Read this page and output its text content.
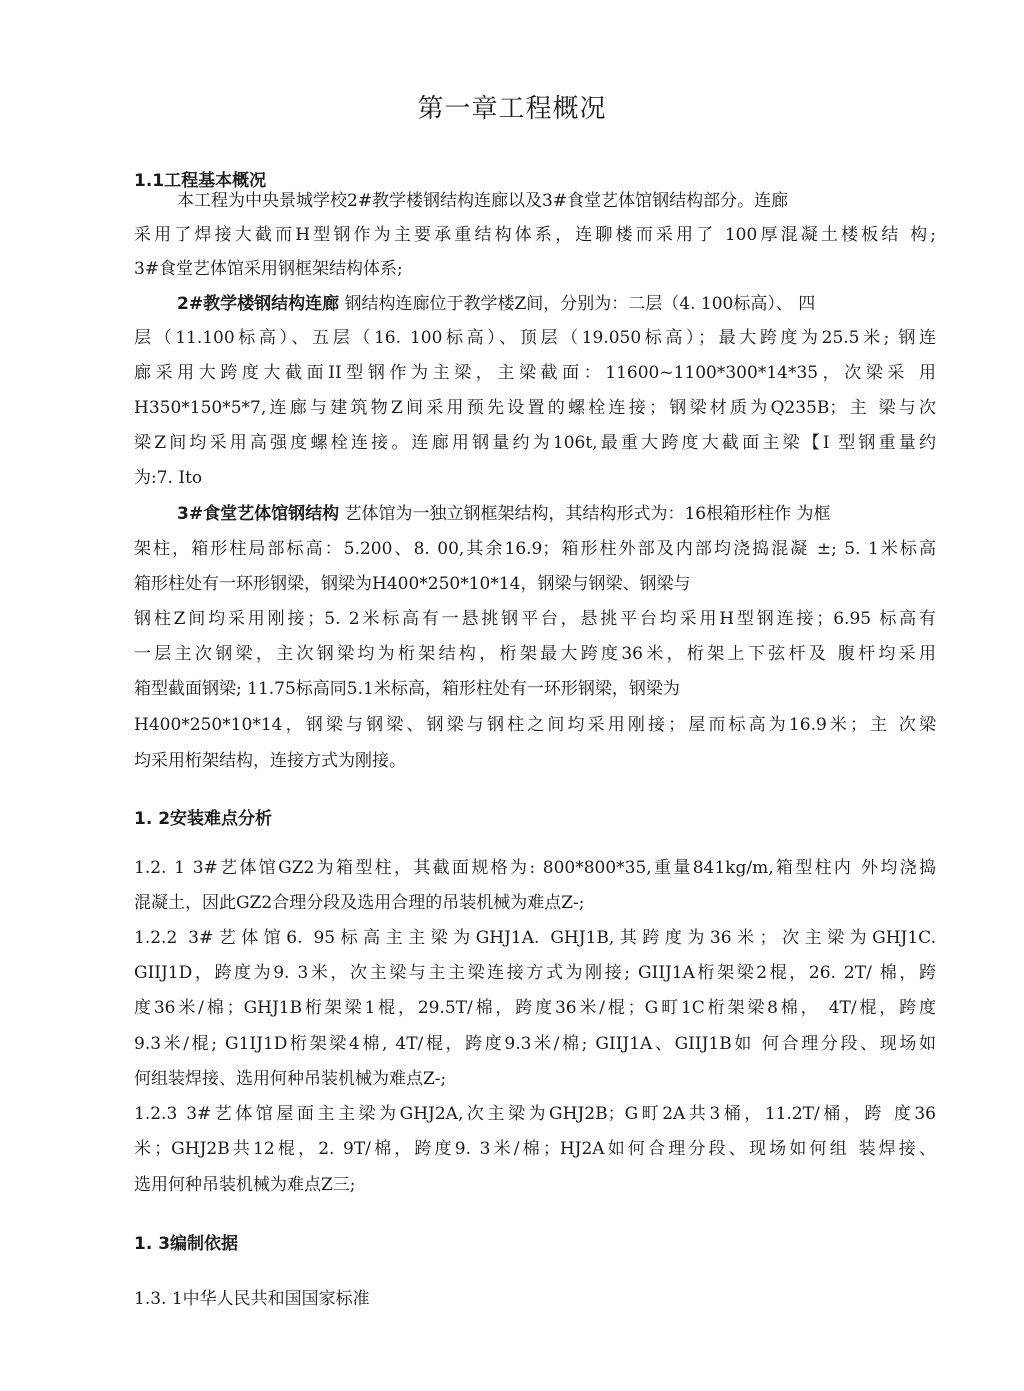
第一章工程概况
1.1工程基本概况
本工程为中央景城学校2#教学楼钢结构连廊以及3#食堂艺体馆钢结构部分。连廊
采用了焊接大截而H型钢作为主要承重结构体系，连聊楼而采用了 100厚混凝土楼板结 构;
3#食堂艺体馆采用钢框架结构体系;
2#教学楼钢结构连廊 钢结构连廊位于教学楼Z间，分别为：二层（4. 100标高）、 四
层（11.100标高）、五层（16. 100标高）、顶层（19.050标高）；最大跨度为25.5米; 钢连
廊采用大跨度大截面II型钢作为主梁，主梁截面：11600~1100*300*14*35，次梁采 用
H350*150*5*7,连廊与建筑物Z间采用预先设置的螺栓连接；钢梁材质为Q235B；主 梁与次
梁Z间均采用高强度螺栓连接。连廊用钢量约为106t,最重大跨度大截面主梁【I 型钢重量约
为:7. Ito
3#食堂艺体馆钢结构 艺体馆为一独立钢框架结构，其结构形式为：16根箱形柱作 为框
架柱，箱形柱局部标高：5.200、8. 00,其余16.9；箱形柱外部及内部均浇捣混凝 ±; 5. 1米标高
箱形柱处有一环形钢梁，钢梁为H400*250*10*14，钢梁与钢梁、钢梁与
钢柱Z间均采用刚接；5. 2米标高有一悬挑钢平台，悬挑平台均采用H型钢连接；6.95 标高有
一层主次钢梁，主次钢梁均为桁架结构，桁架最大跨度36米，桁架上下弦杆及 腹杆均采用
箱型截面钢梁; 11.75标高同5.1米标高，箱形柱处有一环形钢梁，钢梁为
H400*250*10*14，钢梁与钢梁、钢梁与钢柱之间均采用刚接；屋而标高为16.9米；主 次梁
均采用桁架结构，连接方式为刚接。
1. 2安装难点分析
1.2. 1 3#艺体馆GZ2为箱型柱，其截面规格为: 800*800*35,重量841kg/m,箱型柱内 外均浇捣
混凝土，因此GZ2合理分段及选用合理的吊装机械为难点Z-;
1.2.2 3#艺体馆6. 95标高主主梁为GHJ1A. GHJ1B,其跨度为36米；次主梁为GHJ1C.
GIIJ1D，跨度为9. 3米，次主梁与主主梁连接方式为刚接; GIIJ1A桁架梁2棍，26. 2T/ 棉，跨
度36米/棉；GHJ1B桁架梁1棍，29.5T/棉，跨度36米/棍；G町1C桁架梁8棉， 4T/棍，跨度
9.3米/棍; G1IJ1D桁架梁4棉, 4T/棍，跨度9.3米/棉; GIIJ1A、GIIJ1B如 何合理分段、现场如
何组装焊接、选用何种吊装机械为难点Z-;
1.2.3 3#艺体馆屋面主主梁为GHJ2A,次主梁为GHJ2B；G町2A共3桶，11.2T/桶，跨 度36
米；GHJ2B共12棍，2. 9T/棉，跨度9. 3米/棉；HJ2A如何合理分段、现场如何组 装焊接、
选用何种吊装机械为难点Z三;
1. 3编制依据
1.3. 1中华人民共和国国家标准
